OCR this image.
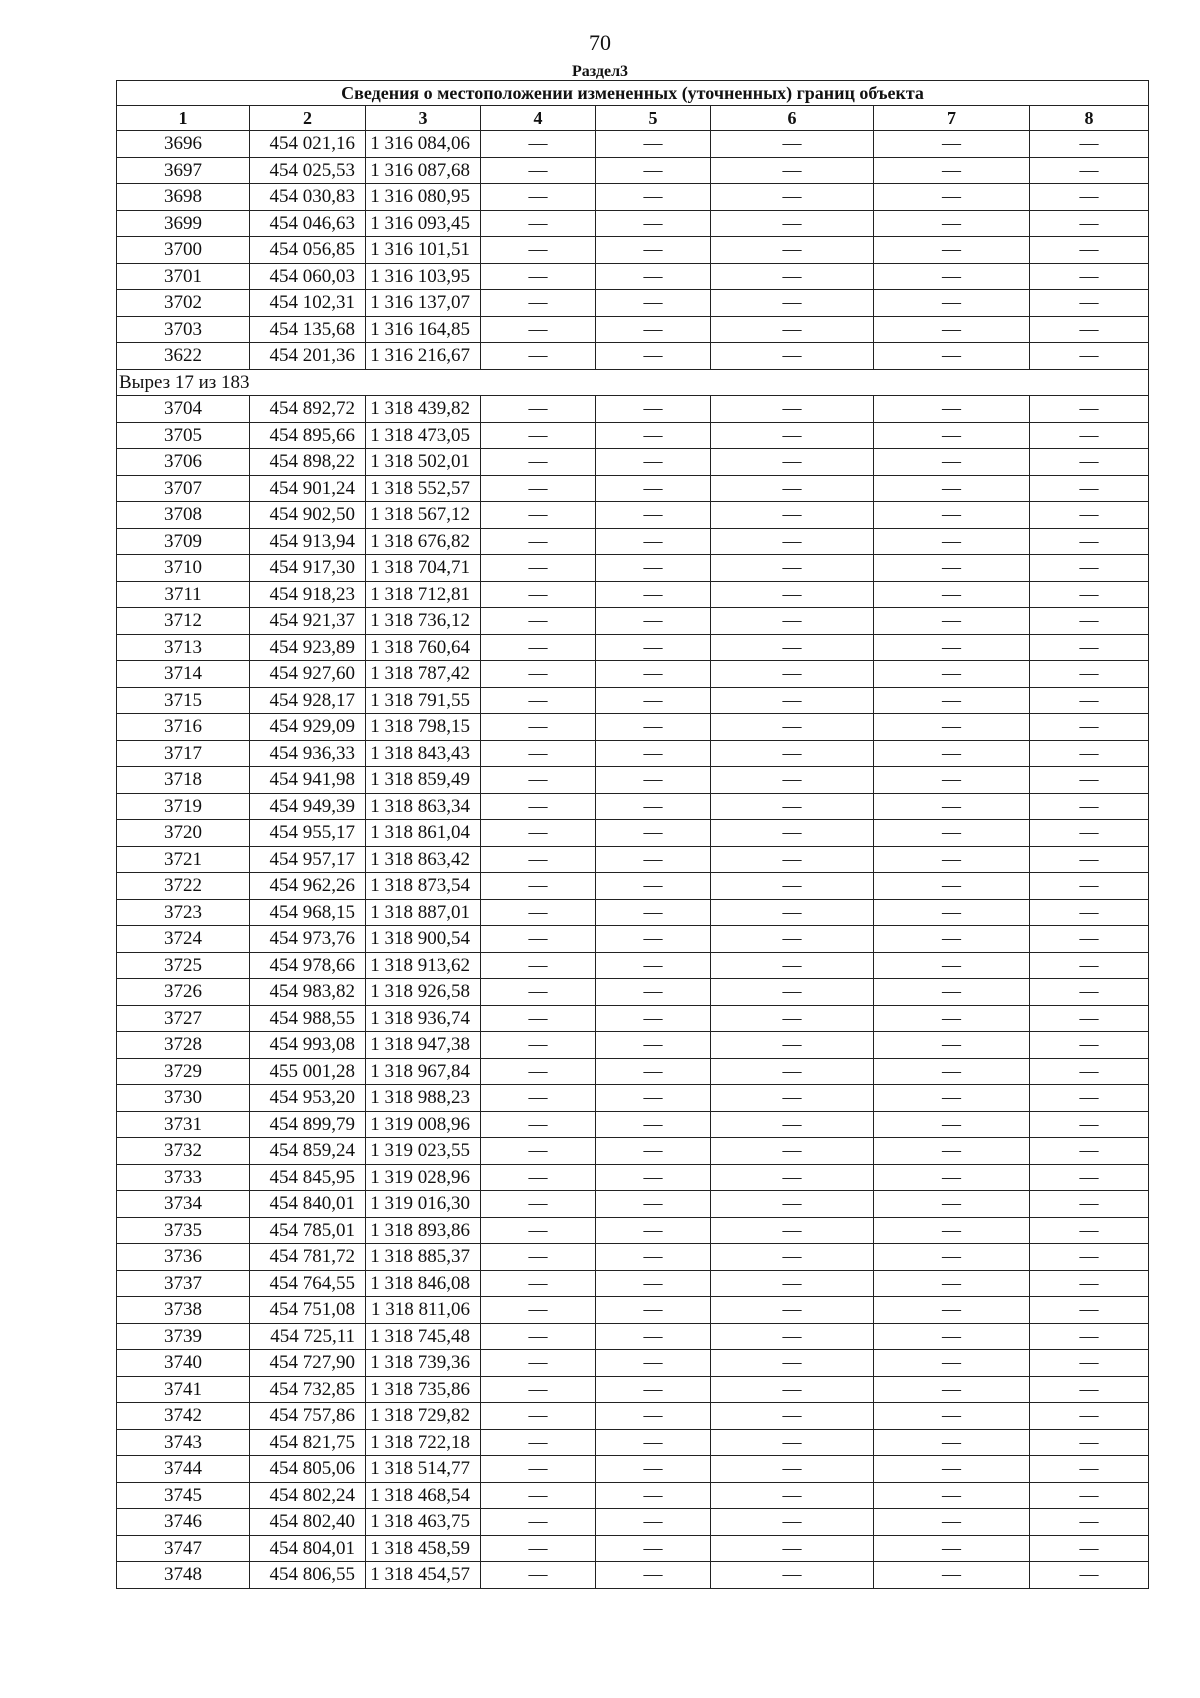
70
Раздел3
Сведения о местоположении измененных (уточненных) границ объекта							
1	2	3	4	5	6	7	8
3696	454 021,16	1 316 084,06	—	—	—	—	—
3697	454 025,53	1 316 087,68	—	—	—	—	—
3698	454 030,83	1 316 080,95	—	—	—	—	—
3699	454 046,63	1 316 093,45	—	—	—	—	—
3700	454 056,85	1 316 101,51	—	—	—	—	—
3701	454 060,03	1 316 103,95	—	—	—	—	—
3702	454 102,31	1 316 137,07	—	—	—	—	—
3703	454 135,68	1 316 164,85	—	—	—	—	—
3622	454 201,36	1 316 216,67	—	—	—	—	—
Вырез 17 из 183							
3704	454 892,72	1 318 439,82	—	—	—	—	—
3705	454 895,66	1 318 473,05	—	—	—	—	—
3706	454 898,22	1 318 502,01	—	—	—	—	—
3707	454 901,24	1 318 552,57	—	—	—	—	—
3708	454 902,50	1 318 567,12	—	—	—	—	—
3709	454 913,94	1 318 676,82	—	—	—	—	—
3710	454 917,30	1 318 704,71	—	—	—	—	—
3711	454 918,23	1 318 712,81	—	—	—	—	—
3712	454 921,37	1 318 736,12	—	—	—	—	—
3713	454 923,89	1 318 760,64	—	—	—	—	—
3714	454 927,60	1 318 787,42	—	—	—	—	—
3715	454 928,17	1 318 791,55	—	—	—	—	—
3716	454 929,09	1 318 798,15	—	—	—	—	—
3717	454 936,33	1 318 843,43	—	—	—	—	—
3718	454 941,98	1 318 859,49	—	—	—	—	—
3719	454 949,39	1 318 863,34	—	—	—	—	—
3720	454 955,17	1 318 861,04	—	—	—	—	—
3721	454 957,17	1 318 863,42	—	—	—	—	—
3722	454 962,26	1 318 873,54	—	—	—	—	—
3723	454 968,15	1 318 887,01	—	—	—	—	—
3724	454 973,76	1 318 900,54	—	—	—	—	—
3725	454 978,66	1 318 913,62	—	—	—	—	—
3726	454 983,82	1 318 926,58	—	—	—	—	—
3727	454 988,55	1 318 936,74	—	—	—	—	—
3728	454 993,08	1 318 947,38	—	—	—	—	—
3729	455 001,28	1 318 967,84	—	—	—	—	—
3730	454 953,20	1 318 988,23	—	—	—	—	—
3731	454 899,79	1 319 008,96	—	—	—	—	—
3732	454 859,24	1 319 023,55	—	—	—	—	—
3733	454 845,95	1 319 028,96	—	—	—	—	—
3734	454 840,01	1 319 016,30	—	—	—	—	—
3735	454 785,01	1 318 893,86	—	—	—	—	—
3736	454 781,72	1 318 885,37	—	—	—	—	—
3737	454 764,55	1 318 846,08	—	—	—	—	—
3738	454 751,08	1 318 811,06	—	—	—	—	—
3739	454 725,11	1 318 745,48	—	—	—	—	—
3740	454 727,90	1 318 739,36	—	—	—	—	—
3741	454 732,85	1 318 735,86	—	—	—	—	—
3742	454 757,86	1 318 729,82	—	—	—	—	—
3743	454 821,75	1 318 722,18	—	—	—	—	—
3744	454 805,06	1 318 514,77	—	—	—	—	—
3745	454 802,24	1 318 468,54	—	—	—	—	—
3746	454 802,40	1 318 463,75	—	—	—	—	—
3747	454 804,01	1 318 458,59	—	—	—	—	—
3748	454 806,55	1 318 454,57	—	—	—	—	—
